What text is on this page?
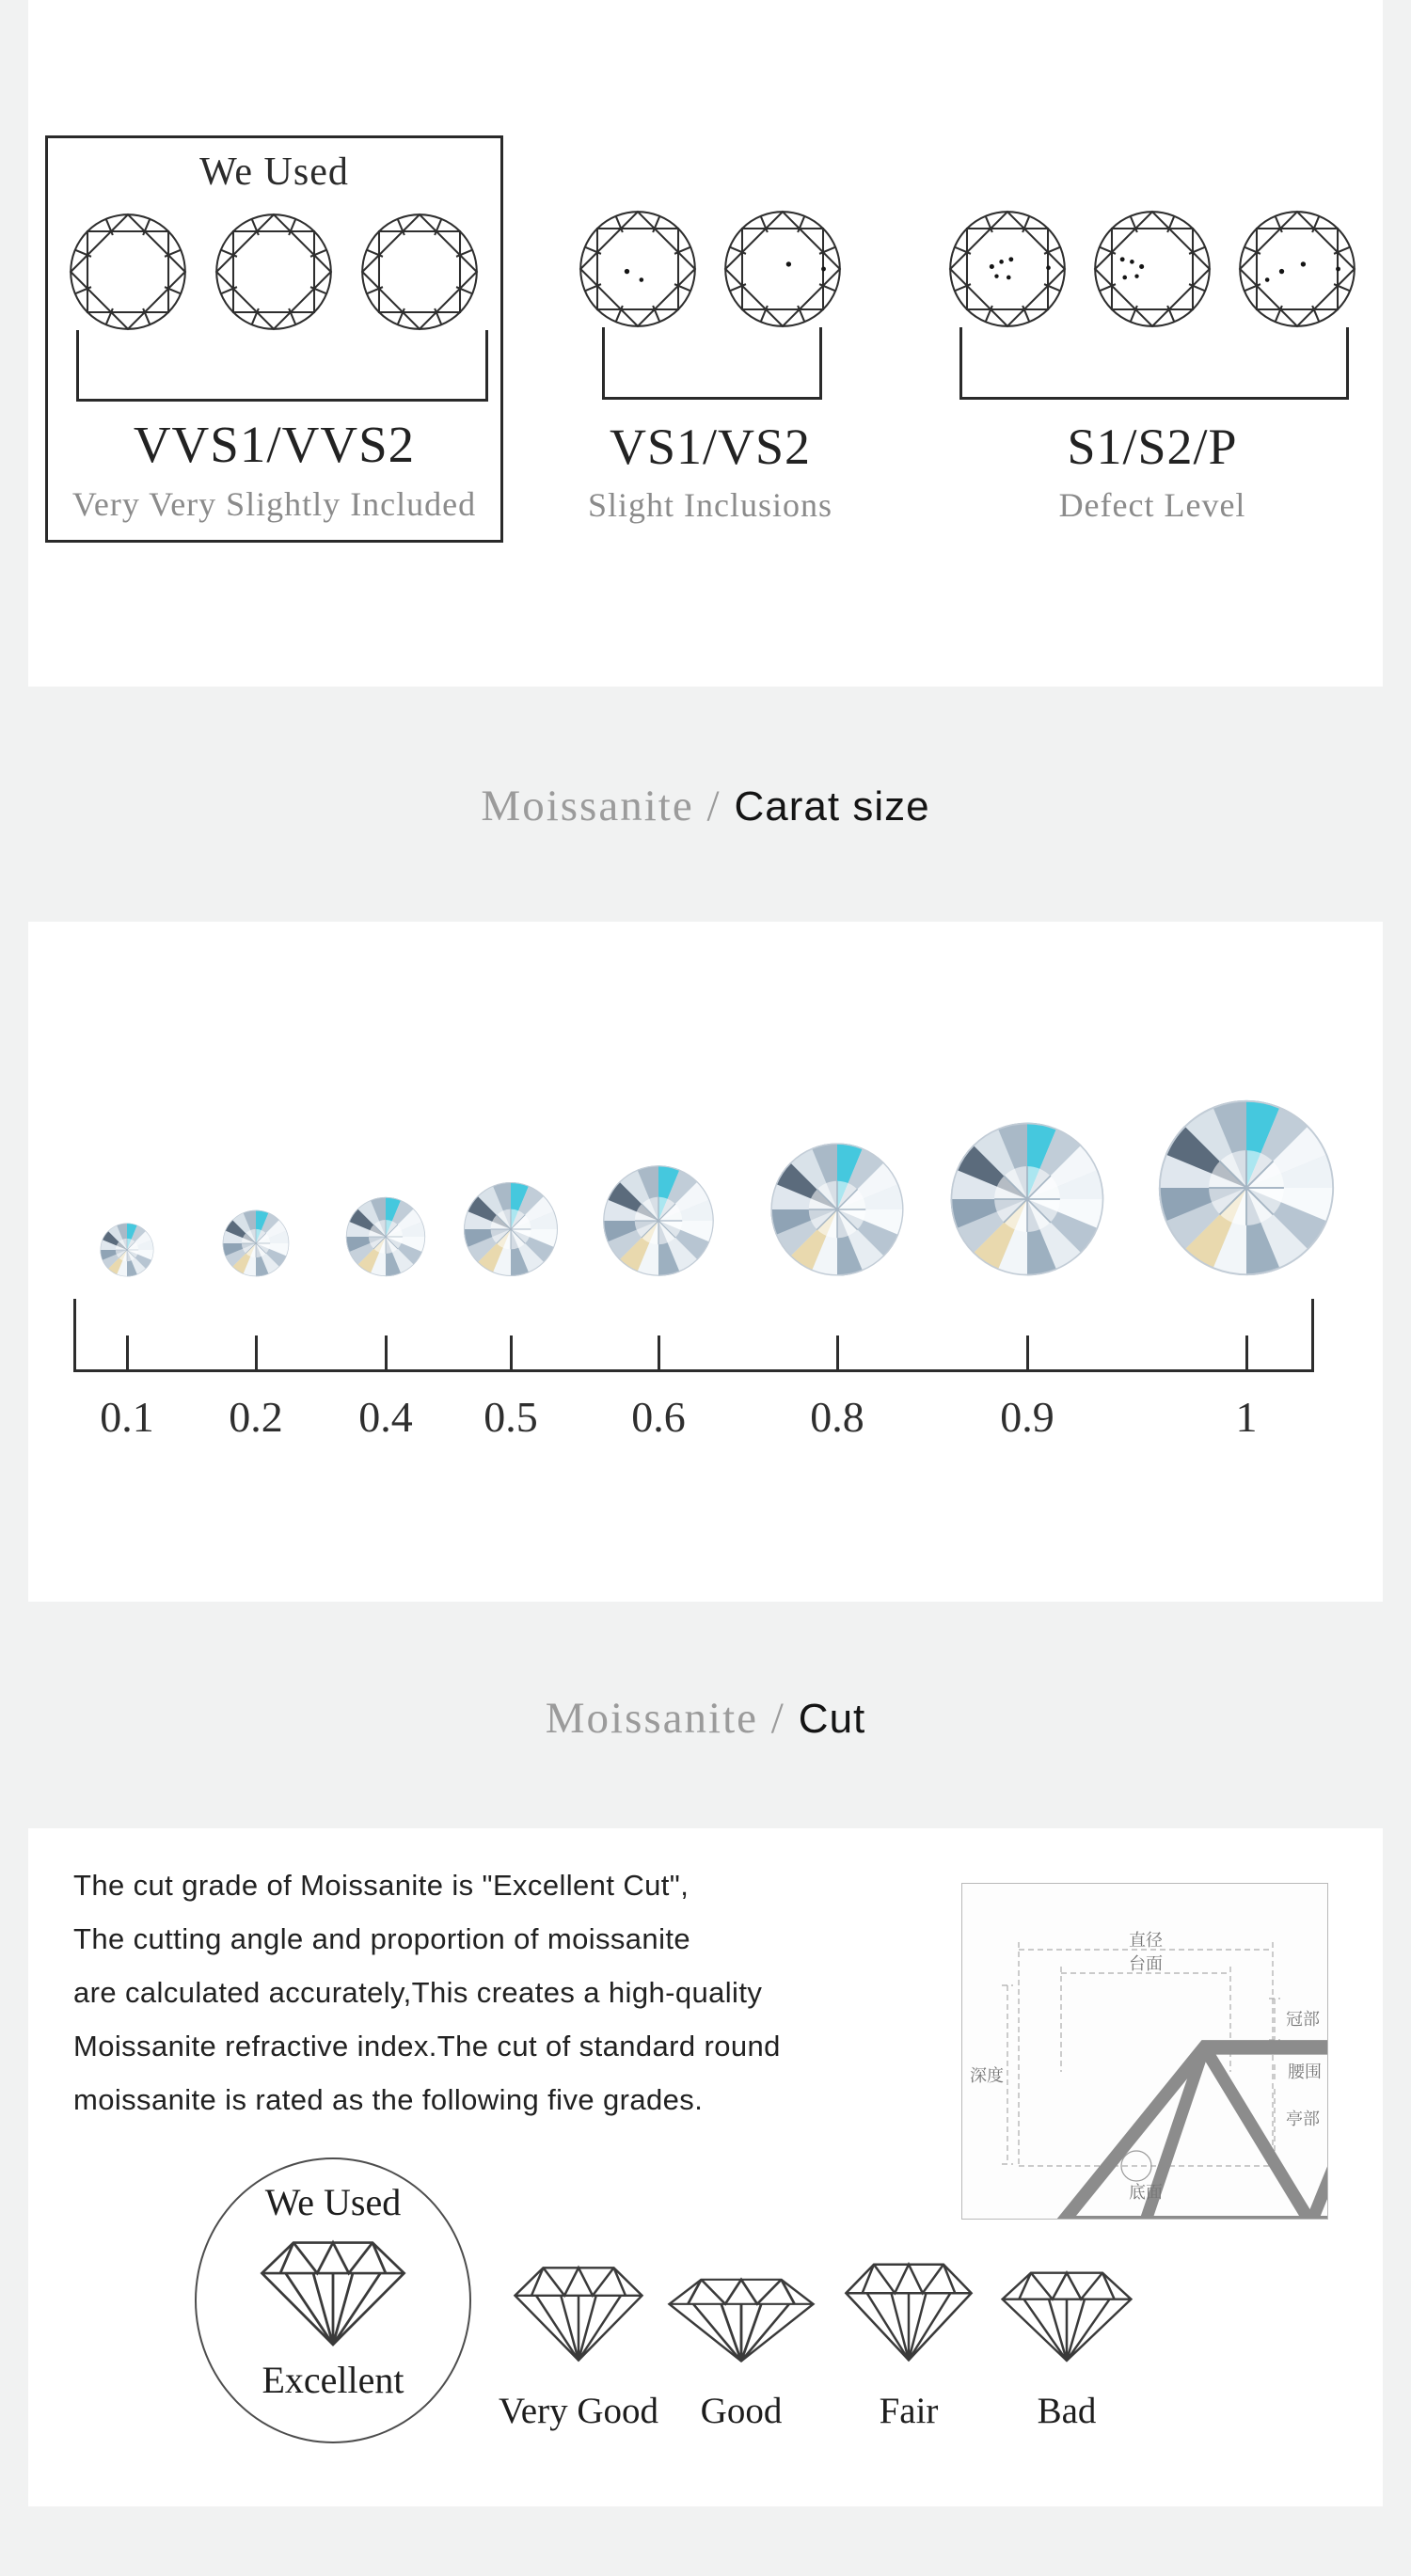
We Used
VVS1/VVS2
Very Very Slightly Included
VS1/VS2
Slight Inclusions
S1/S2/P
Defect Level
Moissanite / Carat size
0.1	0.2	0.4	0.5	0.6	0.8	0.9	1
Moissanite / Cut
The cut grade of Moissanite is "Excellent Cut",
The cutting angle and proportion of moissanite
are calculated accurately,This creates a high-quality
Moissanite refractive index.The cut of standard round
moissanite is rated as the following five grades.
直径
台面
深度
冠部
腰围
亭部
底面
We Used
Excellent
Very Good Good	Fair	Bad
